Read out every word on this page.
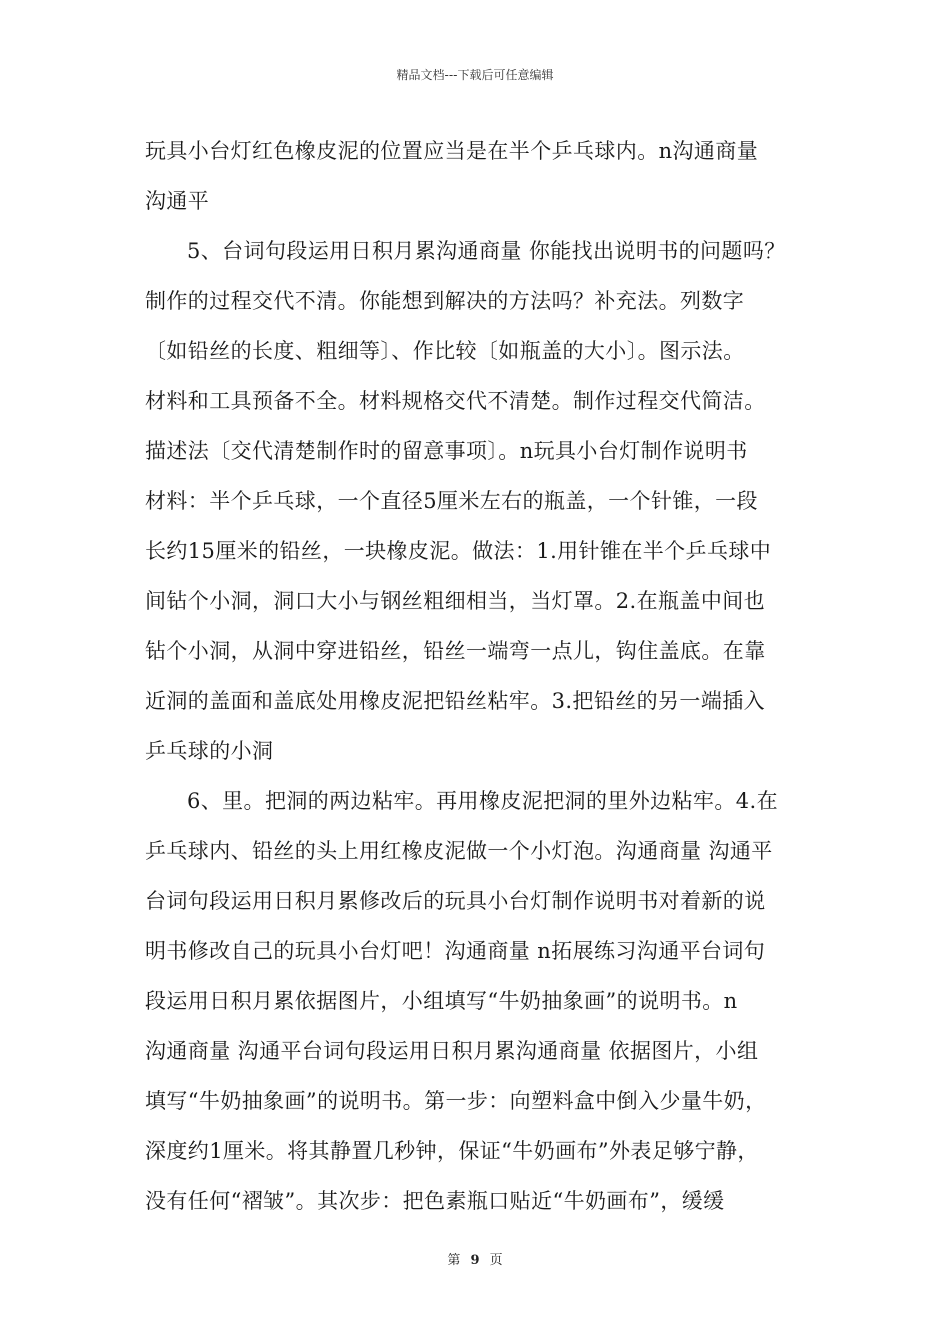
精品文档---下载后可任意编辑
玩具小台灯红色橡皮泥的位置应当是在半个乒乓球内。n沟通商量
沟通平
5、台词句段运用日积月累沟通商量 你能找出说明书的问题吗？
制作的过程交代不清。你能想到解决的方法吗？补充法。列数字
〔如铅丝的长度、粗细等〕、作比较〔如瓶盖的大小〕。图示法。
材料和工具预备不全。材料规格交代不清楚。制作过程交代简洁。
描述法〔交代清楚制作时的留意事项〕。n玩具小台灯制作说明书
材料：半个乒乓球，一个直径5厘米左右的瓶盖，一个针锥，一段
长约15厘米的铅丝，一块橡皮泥。做法：1.用针锥在半个乒乓球中
间钻个小洞，洞口大小与钢丝粗细相当，当灯罩。2.在瓶盖中间也
钻个小洞，从洞中穿进铅丝，铅丝一端弯一点儿，钩住盖底。在靠
近洞的盖面和盖底处用橡皮泥把铅丝粘牢。3.把铅丝的另一端插入
乒乓球的小洞
6、里。把洞的两边粘牢。再用橡皮泥把洞的里外边粘牢。4.在
乒乓球内、铅丝的头上用红橡皮泥做一个小灯泡。沟通商量 沟通平
台词句段运用日积月累修改后的玩具小台灯制作说明书对着新的说
明书修改自己的玩具小台灯吧！沟通商量 n拓展练习沟通平台词句
段运用日积月累依据图片，小组填写“牛奶抽象画”的说明书。n
沟通商量 沟通平台词句段运用日积月累沟通商量 依据图片，小组
填写“牛奶抽象画”的说明书。第一步：向塑料盒中倒入少量牛奶，
深度约1厘米。将其静置几秒钟，保证“牛奶画布”外表足够宁静，
没有任何“褶皱”。其次步：把色素瓶口贴近“牛奶画布”，缓缓
第 9 页
